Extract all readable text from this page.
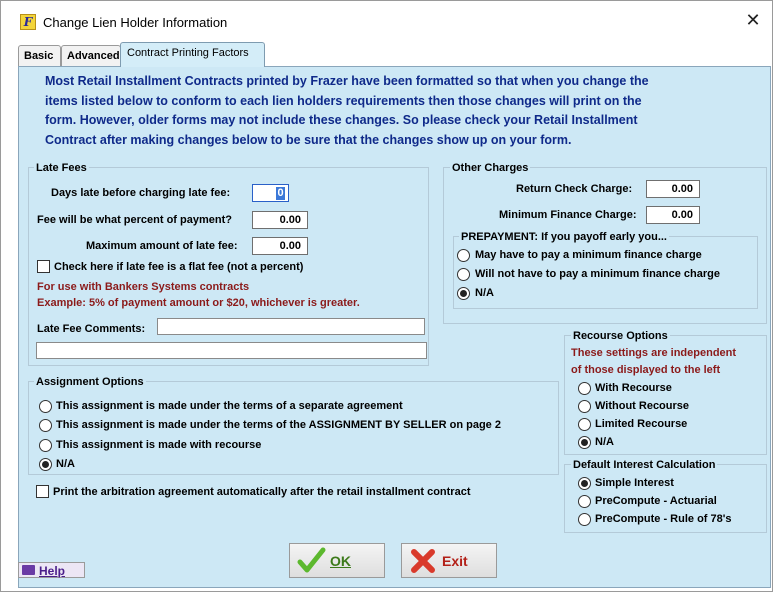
F Change Lien Holder Information	✕
Basic	Advanced Contract Printing Factors
Most Retail Installment Contracts printed by Frazer have been formatted so that when you change the
items listed below to conform to each lien holders requirements then those changes will print on the
form. However, older forms may not include these changes. So please check your Retail Installment
Contract after making changes below to be sure that the changes show up on your form.
Late Fees
Days late before charging late fee:	0
Fee will be what percent of payment?	0.00
Maximum amount of late fee:	0.00
Check here if late fee is a flat fee (not a percent)
For use with Bankers Systems contracts
Example: 5% of payment amount or $20, whichever is greater.
Late Fee Comments:
Other Charges
Return Check Charge:	0.00
Minimum Finance Charge:	0.00
PREPAYMENT: If you payoff early you...
May have to pay a minimum finance charge
Will not have to pay a minimum finance charge
N/A
Assignment Options
This assignment is made under the terms of a separate agreement
This assignment is made under the terms of the ASSIGNMENT BY SELLER on page 2
This assignment is made with recourse
N/A
Print the arbitration agreement automatically after the retail installment contract
Recourse Options
These settings are independent
of those displayed to the left
With Recourse
Without Recourse
Limited Recourse
N/A
Default Interest Calculation
Simple Interest
PreCompute - Actuarial
PreCompute - Rule of 78's
OK	Exit
Help
